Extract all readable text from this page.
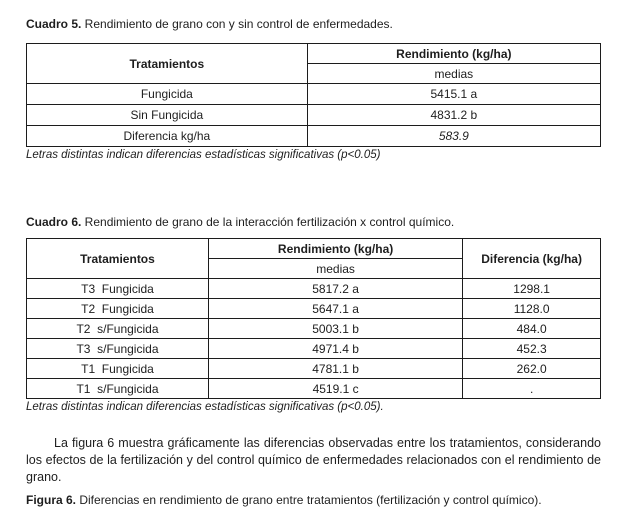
Cuadro 5. Rendimiento de grano con y sin control de enfermedades.

Tratamientos	Rendimiento (kg/ha)
	medias
Fungicida	5415.1 a
Sin Fungicida	4831.2 b
Diferencia kg/ha	583.9

Letras distintas indican diferencias estadísticas significativas (p<0.05)

Cuadro 6. Rendimiento de grano de la interacción fertilización x control químico.

Tratamientos	Rendimiento (kg/ha)	Diferencia (kg/ha)
	medias	
T3  Fungicida	5817.2 a	1298.1
T2  Fungicida	5647.1 a	1128.0
T2  s/Fungicida	5003.1 b	484.0
T3  s/Fungicida	4971.4 b	452.3
T1  Fungicida	4781.1 b	262.0
T1  s/Fungicida	4519.1 c	.

Letras distintas indican diferencias estadísticas significativas (p<0.05).

La figura 6 muestra gráficamente las diferencias observadas entre los tratamientos, considerando los efectos de la fertilización y del control químico de enfermedades relacionados con el rendimiento de grano.

Figura 6. Diferencias en rendimiento de grano entre tratamientos (fertilización y control químico).
